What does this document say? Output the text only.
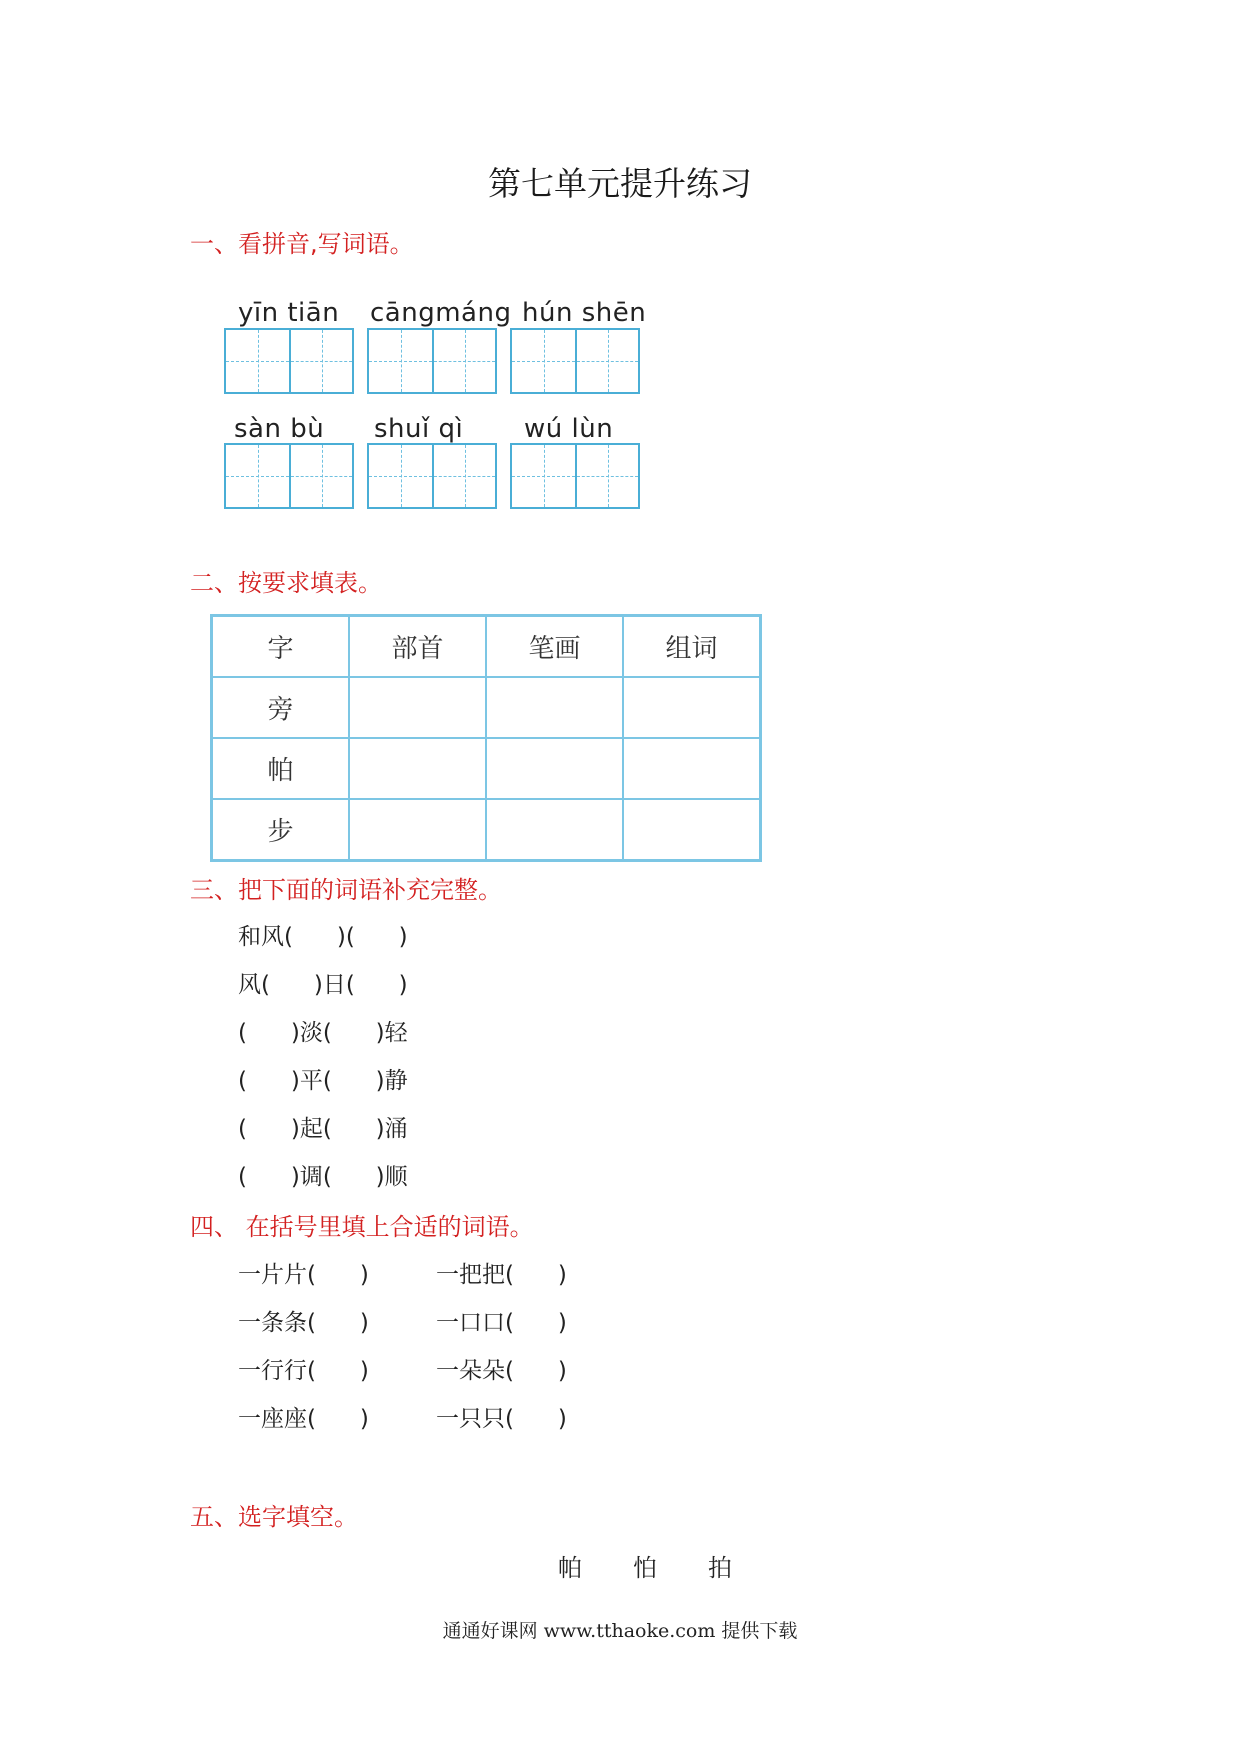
第七单元提升练习
一、看拼音,写词语。
yīn tiān cāngmáng hún shēn
sàn bù shuǐ qì wú lùn
二、按要求填表。
字	部首	笔画	组词
旁			
帕			
步			
三、把下面的词语补充完整。
和风(      )(      )
风(      )日(      )
(      )淡(      )轻
(      )平(      )静
(      )起(      )涌
(      )调(      )顺
四、 在括号里填上合适的词语。
一片片(      )	一把把(      )
一条条(      )	一口口(      )
一行行(      )	一朵朵(      )
一座座(      )	一只只(      )
五、选字填空。
帕 怕 拍
通通好课网 www.tthaoke.com 提供下载
